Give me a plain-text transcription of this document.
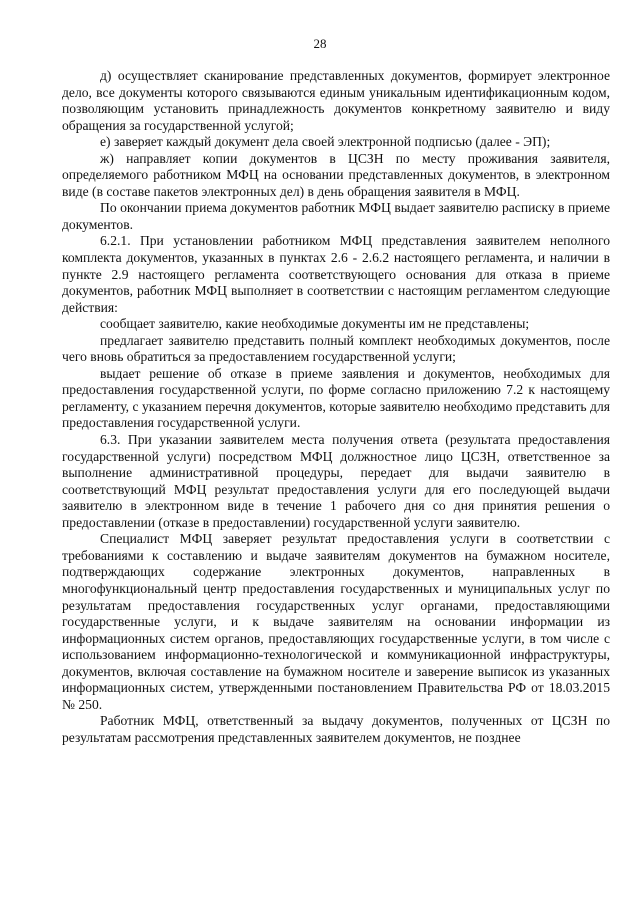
28

д) осуществляет сканирование представленных документов, формирует электронное дело, все документы которого связываются единым уникальным идентификационным кодом, позволяющим установить принадлежность документов конкретному заявителю и виду обращения за государственной услугой;

е) заверяет каждый документ дела своей электронной подписью (далее - ЭП);

ж) направляет копии документов в ЦСЗН по месту проживания заявителя, определяемого работником МФЦ на основании представленных документов, в электронном виде (в составе пакетов электронных дел) в день обращения заявителя в МФЦ.

По окончании приема документов работник МФЦ выдает заявителю расписку в приеме документов.

6.2.1. При установлении работником МФЦ представления заявителем неполного комплекта документов, указанных в пунктах 2.6 - 2.6.2 настоящего регламента, и наличии в пункте 2.9 настоящего регламента соответствующего основания для отказа в приеме документов, работник МФЦ выполняет в соответствии с настоящим регламентом следующие действия:

сообщает заявителю, какие необходимые документы им не представлены;

предлагает заявителю представить полный комплект необходимых документов, после чего вновь обратиться за предоставлением государственной услуги;

выдает решение об отказе в приеме заявления и документов, необходимых для предоставления государственной услуги, по форме согласно приложению 7.2 к настоящему регламенту, с указанием перечня документов, которые заявителю необходимо представить для предоставления государственной услуги.

6.3. При указании заявителем места получения ответа (результата предоставления государственной услуги) посредством МФЦ должностное лицо ЦСЗН, ответственное за выполнение административной процедуры, передает для выдачи заявителю в соответствующий МФЦ результат предоставления услуги для его последующей выдачи заявителю в электронном виде в течение 1 рабочего дня со дня принятия решения о предоставлении (отказе в предоставлении) государственной услуги заявителю.

Специалист МФЦ заверяет результат предоставления услуги в соответствии с требованиями к составлению и выдаче заявителям документов на бумажном носителе, подтверждающих содержание электронных документов, направленных в многофункциональный центр предоставления государственных и муниципальных услуг по результатам предоставления государственных услуг органами, предоставляющими государственные услуги, и к выдаче заявителям на основании информации из информационных систем органов, предоставляющих государственные услуги, в том числе с использованием информационно-технологической и коммуникационной инфраструктуры, документов, включая составление на бумажном носителе и заверение выписок из указанных информационных систем, утвержденными постановлением Правительства РФ от 18.03.2015 № 250.

Работник МФЦ, ответственный за выдачу документов, полученных от ЦСЗН по результатам рассмотрения представленных заявителем документов, не позднее
